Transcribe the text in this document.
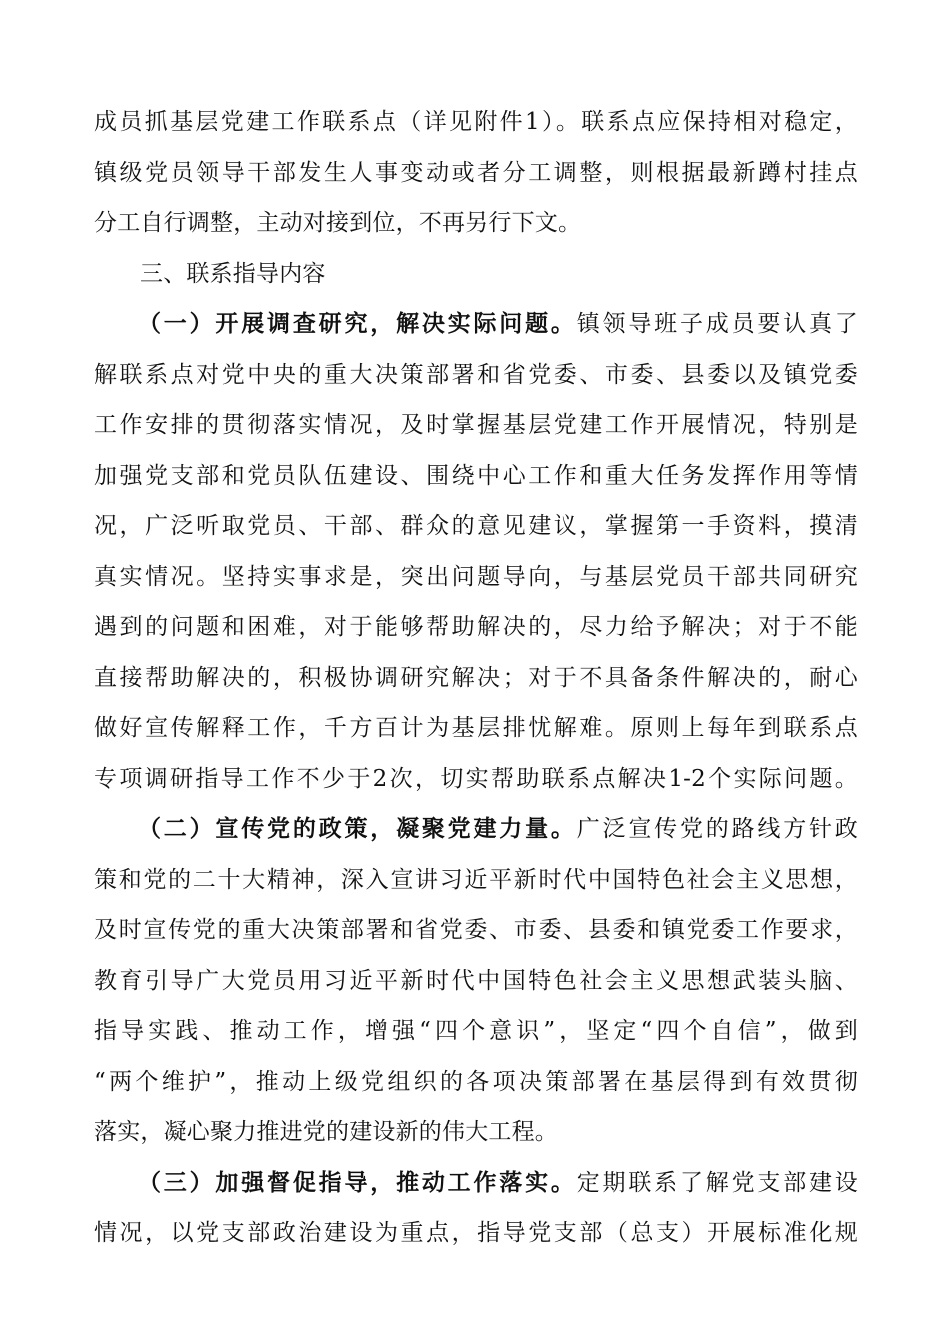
成员抓基层党建工作联系点（详见附件1）。联系点应保持相对稳定，
镇级党员领导干部发生人事变动或者分工调整，则根据最新蹲村挂点
分工自行调整，主动对接到位，不再另行下文。
三、联系指导内容
（一）开展调查研究，解决实际问题。镇领导班子成员要认真了
解联系点对党中央的重大决策部署和省党委、市委、县委以及镇党委
工作安排的贯彻落实情况，及时掌握基层党建工作开展情况，特别是
加强党支部和党员队伍建设、围绕中心工作和重大任务发挥作用等情
况，广泛听取党员、干部、群众的意见建议，掌握第一手资料，摸清
真实情况。坚持实事求是，突出问题导向，与基层党员干部共同研究
遇到的问题和困难，对于能够帮助解决的，尽力给予解决；对于不能
直接帮助解决的，积极协调研究解决；对于不具备条件解决的，耐心
做好宣传解释工作，千方百计为基层排忧解难。原则上每年到联系点
专项调研指导工作不少于2次，切实帮助联系点解决1-2个实际问题。
（二）宣传党的政策，凝聚党建力量。广泛宣传党的路线方针政
策和党的二十大精神，深入宣讲习近平新时代中国特色社会主义思想，
及时宣传党的重大决策部署和省党委、市委、县委和镇党委工作要求，
教育引导广大党员用习近平新时代中国特色社会主义思想武装头脑、
指导实践、推动工作，增强“四个意识”，坚定“四个自信”，做到
“两个维护”，推动上级党组织的各项决策部署在基层得到有效贯彻
落实，凝心聚力推进党的建设新的伟大工程。
（三）加强督促指导，推动工作落实。定期联系了解党支部建设
情况，以党支部政治建设为重点，指导党支部（总支）开展标准化规
